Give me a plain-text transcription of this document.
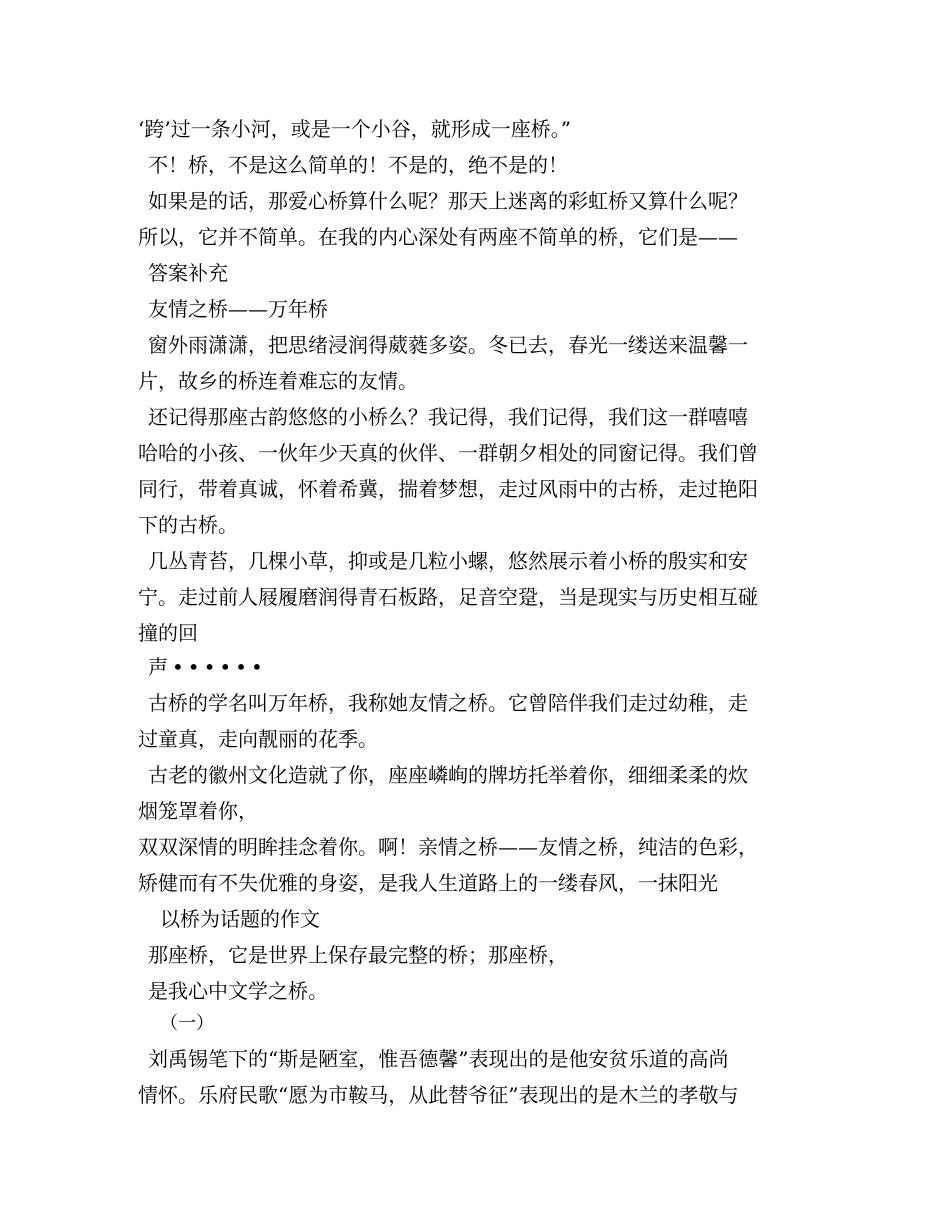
‘跨’过一条小河，或是一个小谷，就形成一座桥。”
不！桥，不是这么简单的！不是的，绝不是的！
如果是的话，那爱心桥算什么呢？那天上迷离的彩虹桥又算什么呢？
所以，它并不简单。在我的内心深处有两座不简单的桥，它们是——
答案补充
友情之桥——万年桥
窗外雨潇潇，把思绪浸润得葳蕤多姿。冬已去，春光一缕送来温馨一
片，故乡的桥连着难忘的友情。
还记得那座古韵悠悠的小桥么？我记得，我们记得，我们这一群嘻嘻
哈哈的小孩、一伙年少天真的伙伴、一群朝夕相处的同窗记得。我们曾
同行，带着真诚，怀着希冀，揣着梦想，走过风雨中的古桥，走过艳阳
下的古桥。
几丛青苔，几棵小草，抑或是几粒小螺，悠然展示着小桥的殷实和安
宁。走过前人屐履磨润得青石板路，足音空跫，当是现实与历史相互碰
撞的回
声••••••
古桥的学名叫万年桥，我称她友情之桥。它曾陪伴我们走过幼稚，走
过童真，走向靓丽的花季。
古老的徽州文化造就了你，座座嶙峋的牌坊托举着你，细细柔柔的炊
烟笼罩着你，
双双深情的明眸挂念着你。啊！亲情之桥——友情之桥，纯洁的色彩，
矫健而有不失优雅的身姿，是我人生道路上的一缕春风，一抹阳光
以桥为话题的作文
那座桥，它是世界上保存最完整的桥；那座桥，
是我心中文学之桥。
（一）
刘禹锡笔下的“斯是陋室，惟吾德馨”表现出的是他安贫乐道的高尚
情怀。乐府民歌“愿为市鞍马，从此替爷征”表现出的是木兰的孝敬与
